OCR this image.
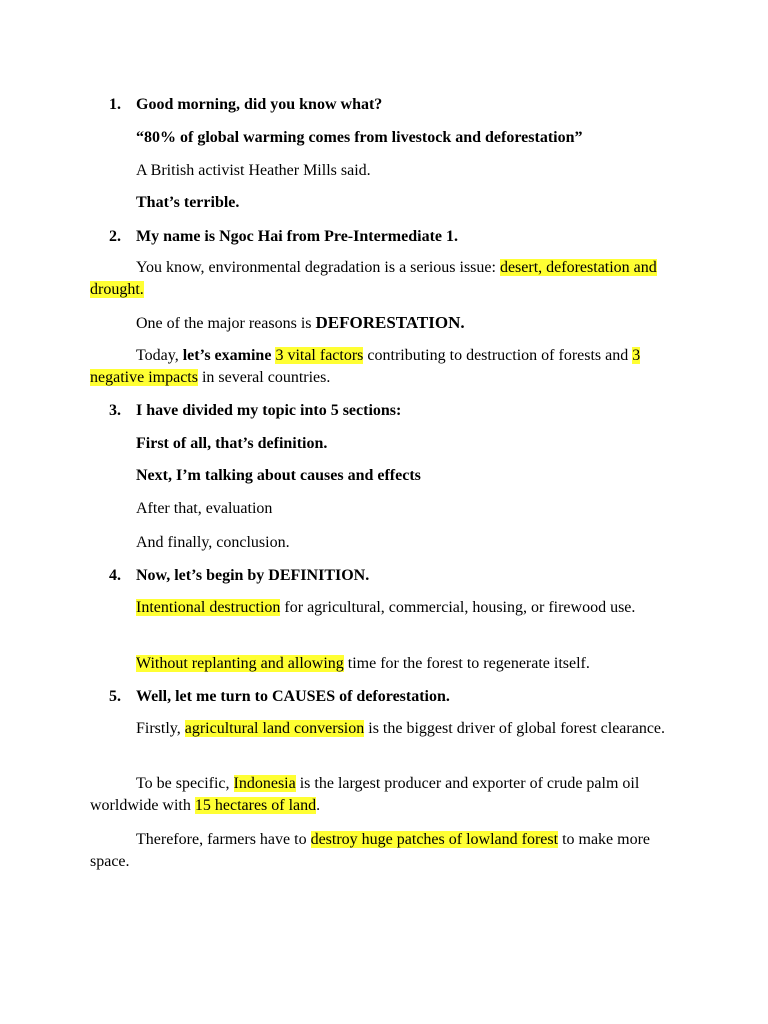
1. Good morning, did you know what?
“80% of global warming comes from livestock and deforestation”
A British activist Heather Mills said.
That’s terrible.
2. My name is Ngoc Hai from Pre-Intermediate 1.
You know, environmental degradation is a serious issue: desert, deforestation and drought.
One of the major reasons is DEFORESTATION.
Today, let’s examine 3 vital factors contributing to destruction of forests and 3 negative impacts in several countries.
3. I have divided my topic into 5 sections:
First of all, that’s definition.
Next, I’m talking about causes and effects
After that, evaluation
And finally, conclusion.
4. Now, let’s begin by DEFINITION.
Intentional destruction for agricultural, commercial, housing, or firewood use.
Without replanting and allowing time for the forest to regenerate itself.
5. Well, let me turn to CAUSES of deforestation.
Firstly, agricultural land conversion is the biggest driver of global forest clearance.
To be specific, Indonesia is the largest producer and exporter of crude palm oil worldwide with 15 hectares of land.
Therefore, farmers have to destroy huge patches of lowland forest to make more space.
